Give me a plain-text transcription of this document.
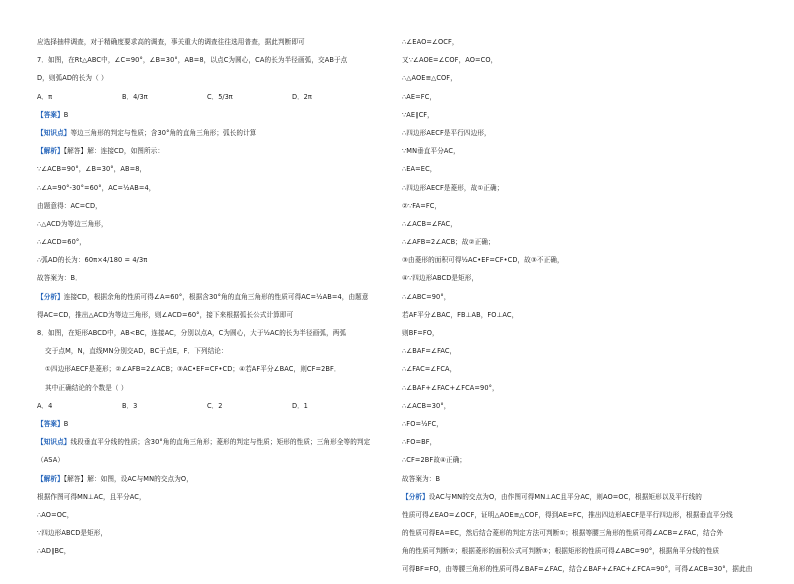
应选择抽样调查，对于精确度要求高的调查，事关重大的调查往往选用普查，据此判断即可
7．如图，在Rt△ABC中，∠C=90°，∠B=30°，AB=8，以点C为圆心，CA的长为半径画弧，交AB于点
D，则弧AD的长为（ ）
A．π	B．4/3π	C．5/3π	D．2π
【答案】B
【知识点】等边三角形的判定与性质；含30°角的直角三角形；弧长的计算
【解析】【解答】解：连接CD，如图所示：
∵∠ACB=90°，∠B=30°，AB=8，
∴∠A=90°-30°=60°，AC=½AB=4，
由题意得：AC=CD，
∴△ACD为等边三角形，
∴∠ACD=60°，
∴弧AD的长为：60π×4/180 = 4/3π
故答案为：B．
【分析】连接CD，根据余角的性质可得∠A=60°，根据含30°角的直角三角形的性质可得AC=½AB=4，由题意
得AC=CD，推出△ACD为等边三角形，则∠ACD=60°，接下来根据弧长公式计算即可
8．如图，在矩形ABCD中，AB<BC，连接AC，分别以点A，C为圆心，大于½AC的长为半径画弧，两弧
交于点M，N，直线MN分别交AD，BC于点E，F．下列结论：
①四边形AECF是菱形；②∠AFB=2∠ACB；③AC•EF=CF•CD；④若AF平分∠BAC，则CF=2BF．
其中正确结论的个数是（ ）
A．4	B．3	C．2	D．1
【答案】B
【知识点】线段垂直平分线的性质；含30°角的直角三角形；菱形的判定与性质；矩形的性质；三角形全等的判定
（ASA）
【解析】【解答】解：如图，设AC与MN的交点为O，
根据作图可得MN⊥AC，且平分AC，
∴AO=OC，
∵四边形ABCD是矩形，
∴AD∥BC，
∴∠EAO=∠OCF，
又∵∠AOE=∠COF，AO=CO，
∴△AOE≌△COF，
∴AE=FC，
∵AE∥CF，
∴四边形AECF是平行四边形，
∵MN垂直平分AC，
∴EA=EC，
∴四边形AECF是菱形，故①正确；
②∵FA=FC，
∴∠ACB=∠FAC，
∴∠AFB=2∠ACB；故②正确；
③由菱形的面积可得½AC•EF=CF•CD，故③不正确，
④∵四边形ABCD是矩形，
∴∠ABC=90°，
若AF平分∠BAC，FB⊥AB，FO⊥AC，
则BF=FO，
∴∠BAF=∠FAC，
∴∠FAC=∠FCA，
∴∠BAF+∠FAC+∠FCA=90°，
∴∠ACB=30°，
∴FO=½FC，
∴FO=BF，
∴CF=2BF故④正确；
故答案为：B
【分析】设AC与MN的交点为O，由作图可得MN⊥AC且平分AC，则AO=OC，根据矩形以及平行线的
性质可得∠EAO=∠OCF，证明△AOE≌△COF，得到AE=FC，推出四边形AECF是平行四边形，根据垂直平分线
的性质可得EA=EC，然后结合菱形的判定方法可判断①；根据等腰三角形的性质可得∠ACB=∠FAC，结合外
角的性质可判断②；根据菱形的面积公式可判断③；根据矩形的性质可得∠ABC=90°，根据角平分线的性质
可得BF=FO，由等腰三角形的性质可得∠BAF=∠FAC，结合∠BAF+∠FAC+∠FCA=90°，可得∠ACB=30°，据此由
